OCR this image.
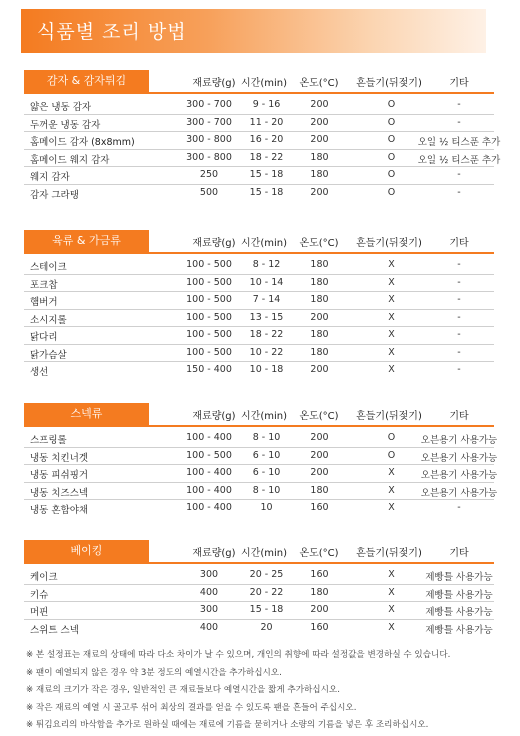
식품별 조리 방법
감자 & 감자튀김	재료량(g) 시간(min)	온도(°C)	흔들기(뒤젖기)	기타
얇은 냉동 감자	300 - 700	9 - 16	200	O	-
두꺼운 냉동 감자	300 - 700	11 - 20	200	O	-
홈메이드 감자 (8x8mm)	300 - 800	16 - 20	200	O	오일 ½ 티스푼 추가
홈메이드 웨지 감자	300 - 800	18 - 22	180	O	오일 ½ 티스푼 추가
웨지 감자	250	15 - 18	180	O	-
감자 그라탱	500	15 - 18	200	O	-
육류 & 가금류	재료량(g) 시간(min)	온도(°C)	흔들기(뒤젖기)	기타
스테이크	100 - 500	8 - 12	180	X	-
포크찹	100 - 500	10 - 14	180	X	-
햄버거	100 - 500	7 - 14	180	X	-
소시지롤	100 - 500	13 - 15	200	X	-
닭다리	100 - 500	18 - 22	180	X	-
닭가슴살	100 - 500	10 - 22	180	X	-
생선	150 - 400	10 - 18	200	X	-
스넥류	재료량(g) 시간(min)	온도(°C)	흔들기(뒤젖기)	기타
스프링롤	100 - 400	8 - 10	200	O	오븐용기 사용가능
냉동 치킨너겟	100 - 500	6 - 10	200	O	오븐용기 사용가능
냉동 피쉬핑거	100 - 400	6 - 10	200	X	오븐용기 사용가능
냉동 치즈스넥	100 - 400	8 - 10	180	X	오븐용기 사용가능
냉동 혼합야채	100 - 400	10	160	X	-
베이킹	재료량(g) 시간(min)	온도(°C)	흔들기(뒤젖기)	기타
케이크	300	20 - 25	160	X	제빵틀 사용가능
키슈	400	20 - 22	180	X	제빵틀 사용가능
머핀	300	15 - 18	200	X	제빵틀 사용가능
스위트 스넥	400	20	160	X	제빵틀 사용가능
※ 본 설정표는 재료의 상태에 따라 다소 차이가 날 수 있으며, 개인의 취향에 따라 설정값을 변경하실 수 있습니다.
※ 팬이 예열되지 않은 경우 약 3분 정도의 예열시간을 추가하십시오.
※ 재료의 크기가 작은 경우, 일반적인 큰 재료들보다 예열시간을 짧게 추가하십시오.
※ 작은 재료의 예열 시 골고루 섞어 최상의 결과를 얻을 수 있도록 팬을 흔들어 주십시오.
※ 튀김요리의 바삭함을 추가로 원하실 때에는 재료에 기름을 묻히거나 소량의 기름을 넣은 후 조리하십시오.
